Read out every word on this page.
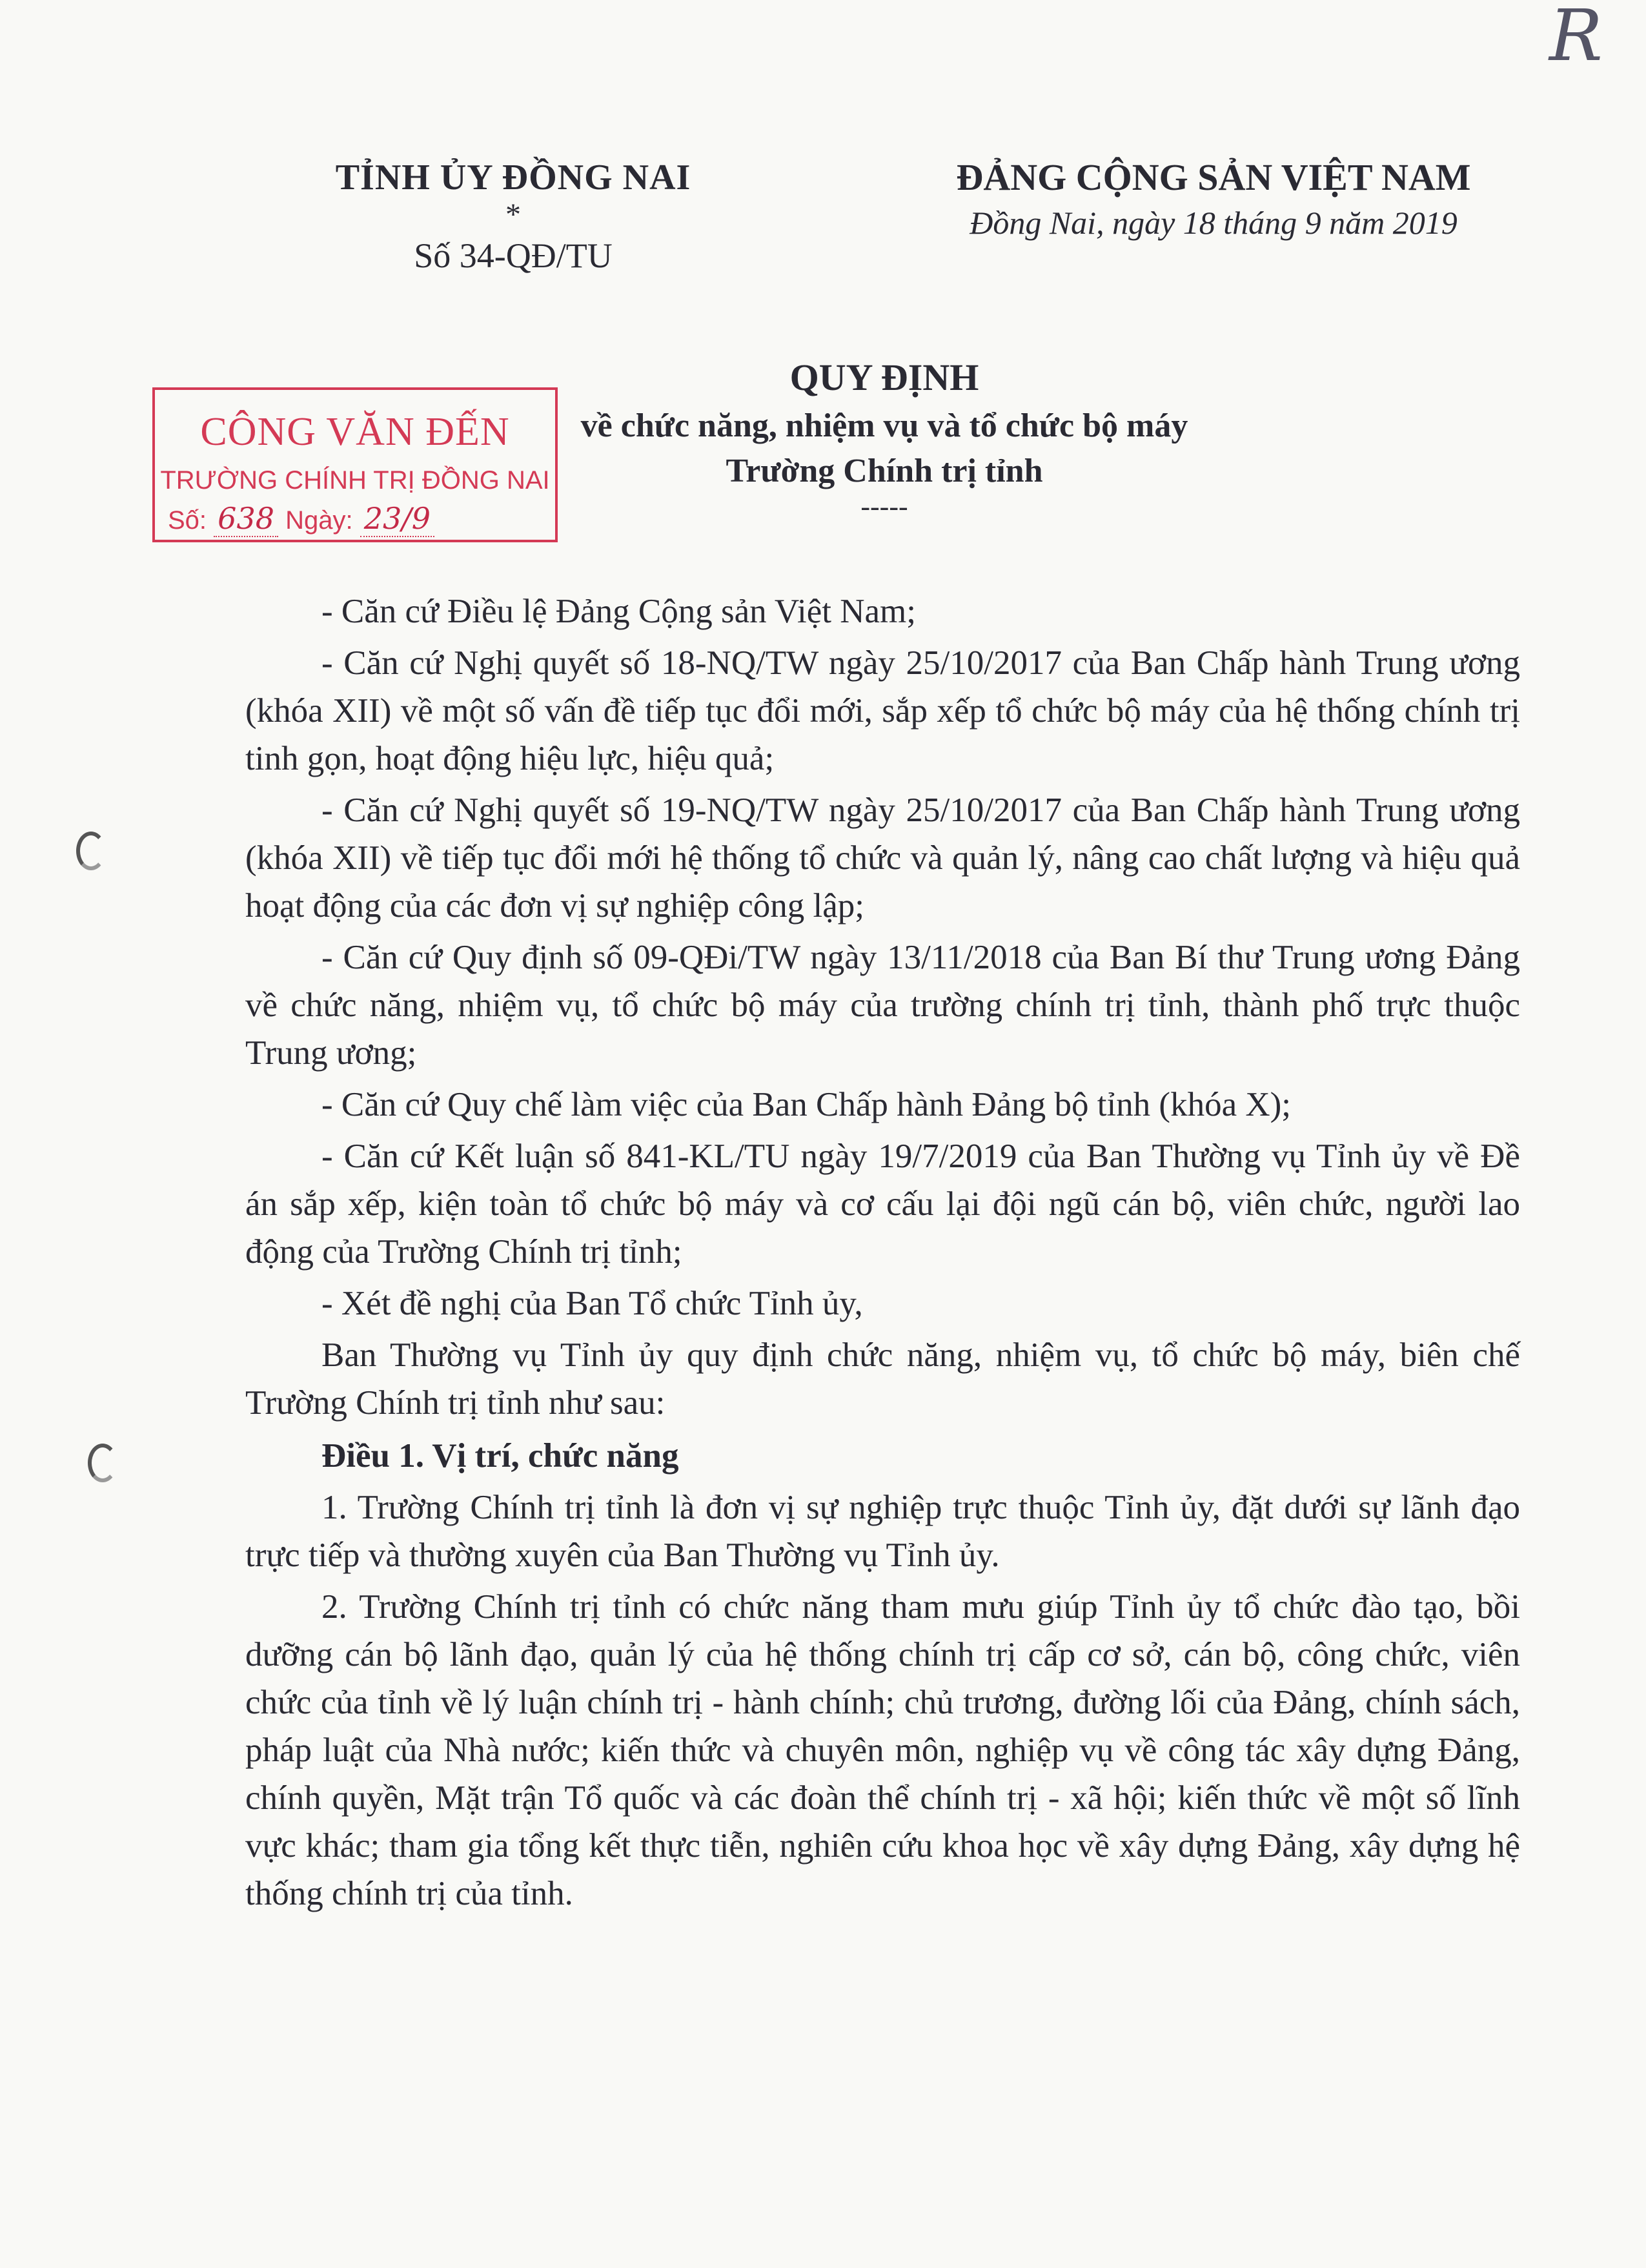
R
TỈNH ỦY ĐỒNG NAI
*
Số 34-QĐ/TU
ĐẢNG CỘNG SẢN VIỆT NAM
Đồng Nai, ngày 18 tháng 9 năm 2019
QUY ĐỊNH
về chức năng, nhiệm vụ và tổ chức bộ máy
Trường Chính trị tỉnh
-----
CÔNG VĂN ĐẾN
TRƯỜNG CHÍNH TRỊ ĐỒNG NAI
Số: 638 Ngày: 23/9

- Căn cứ Điều lệ Đảng Cộng sản Việt Nam;

- Căn cứ Nghị quyết số 18-NQ/TW ngày 25/10/2017 của Ban Chấp hành Trung ương (khóa XII) về một số vấn đề tiếp tục đổi mới, sắp xếp tổ chức bộ máy của hệ thống chính trị tinh gọn, hoạt động hiệu lực, hiệu quả;

- Căn cứ Nghị quyết số 19-NQ/TW ngày 25/10/2017 của Ban Chấp hành Trung ương (khóa XII) về tiếp tục đổi mới hệ thống tổ chức và quản lý, nâng cao chất lượng và hiệu quả hoạt động của các đơn vị sự nghiệp công lập;

- Căn cứ Quy định số 09-QĐi/TW ngày 13/11/2018 của Ban Bí thư Trung ương Đảng về chức năng, nhiệm vụ, tổ chức bộ máy của trường chính trị tỉnh, thành phố trực thuộc Trung ương;

- Căn cứ Quy chế làm việc của Ban Chấp hành Đảng bộ tỉnh (khóa X);

- Căn cứ Kết luận số 841-KL/TU ngày 19/7/2019 của Ban Thường vụ Tỉnh ủy về Đề án sắp xếp, kiện toàn tổ chức bộ máy và cơ cấu lại đội ngũ cán bộ, viên chức, người lao động của Trường Chính trị tỉnh;

- Xét đề nghị của Ban Tổ chức Tỉnh ủy,

Ban Thường vụ Tỉnh ủy quy định chức năng, nhiệm vụ, tổ chức bộ máy, biên chế Trường Chính trị tỉnh như sau:

Điều 1. Vị trí, chức năng

1. Trường Chính trị tỉnh là đơn vị sự nghiệp trực thuộc Tỉnh ủy, đặt dưới sự lãnh đạo trực tiếp và thường xuyên của Ban Thường vụ Tỉnh ủy.

2. Trường Chính trị tỉnh có chức năng tham mưu giúp Tỉnh ủy tổ chức đào tạo, bồi dưỡng cán bộ lãnh đạo, quản lý của hệ thống chính trị cấp cơ sở, cán bộ, công chức, viên chức của tỉnh về lý luận chính trị - hành chính; chủ trương, đường lối của Đảng, chính sách, pháp luật của Nhà nước; kiến thức và chuyên môn, nghiệp vụ về công tác xây dựng Đảng, chính quyền, Mặt trận Tổ quốc và các đoàn thể chính trị - xã hội; kiến thức về một số lĩnh vực khác; tham gia tổng kết thực tiễn, nghiên cứu khoa học về xây dựng Đảng, xây dựng hệ thống chính trị của tỉnh.
